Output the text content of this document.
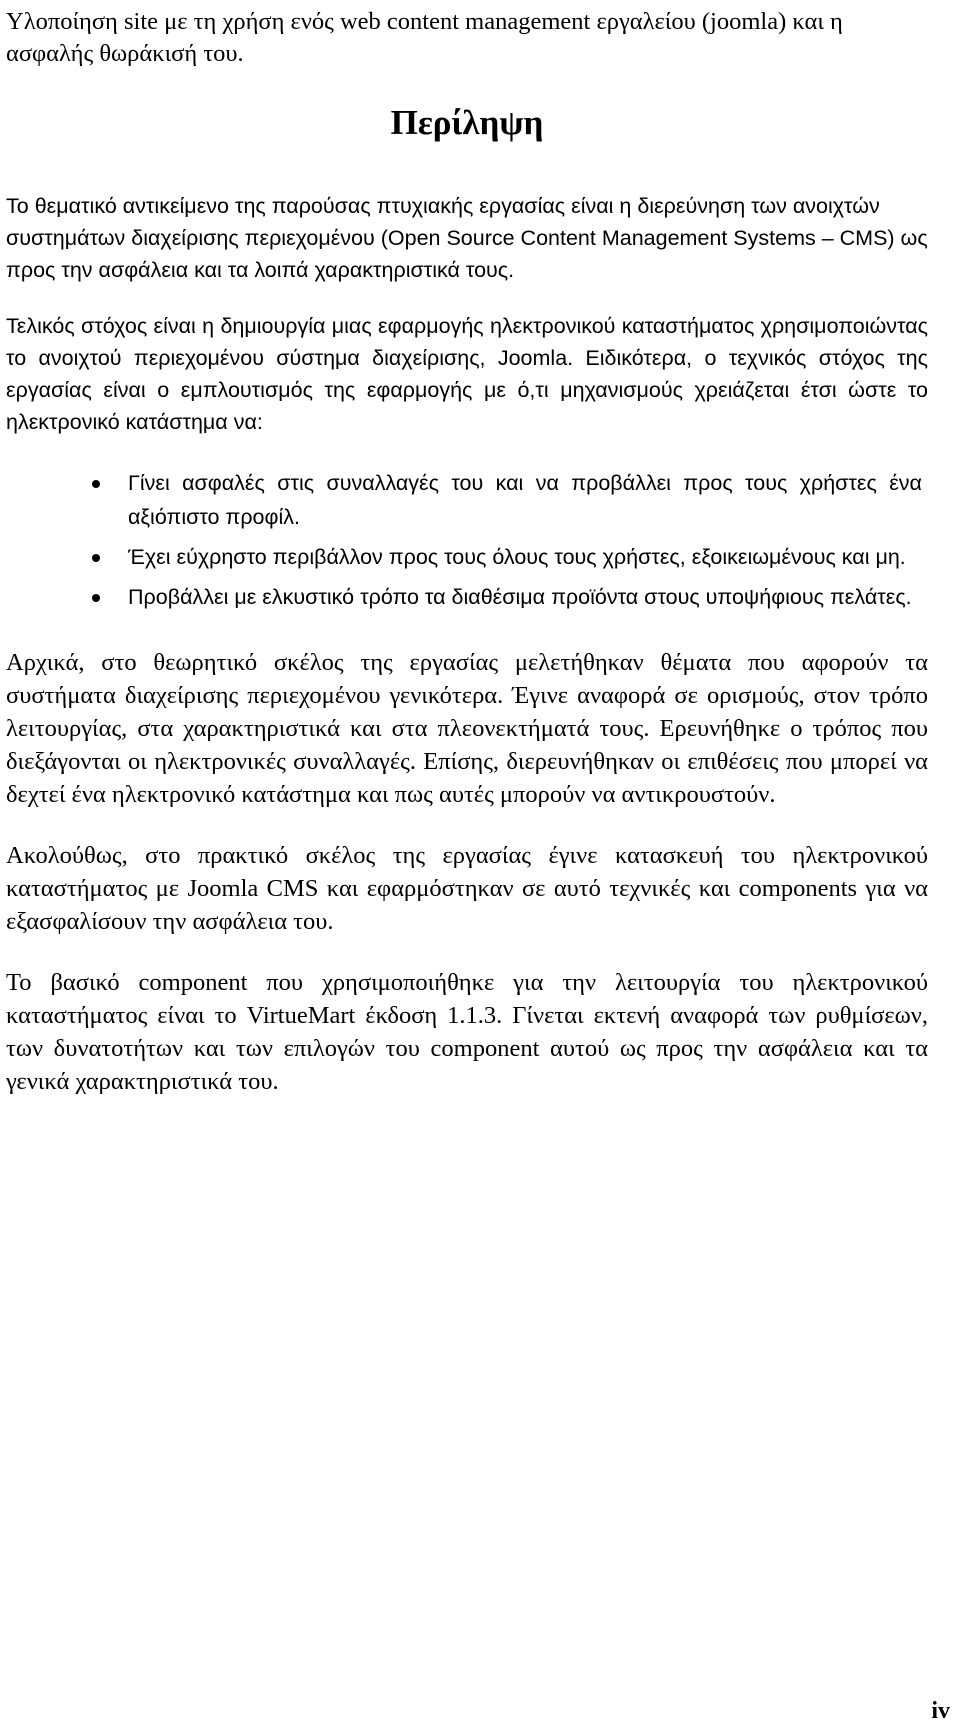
Υλοποίηση site με τη χρήση ενός web content management εργαλείου (joomla) και η ασφαλής θωράκισή του.

Περίληψη

Το θεματικό αντικείμενο της παρούσας πτυχιακής εργασίας είναι η διερεύνηση των ανοιχτών συστημάτων διαχείρισης περιεχομένου (Open Source Content Management Systems – CMS) ως προς την ασφάλεια και τα λοιπά χαρακτηριστικά τους.

Τελικός στόχος είναι η δημιουργία μιας εφαρμογής ηλεκτρονικού καταστήματος χρησιμοποιώντας το ανοιχτού περιεχομένου σύστημα διαχείρισης, Joomla. Ειδικότερα, ο τεχνικός στόχος της εργασίας είναι ο εμπλουτισμός της εφαρμογής με ό,τι μηχανισμούς χρειάζεται έτσι ώστε το ηλεκτρονικό κατάστημα να:

Γίνει ασφαλές στις συναλλαγές του και να προβάλλει προς τους χρήστες ένα αξιόπιστο προφίλ.
Έχει εύχρηστο περιβάλλον προς τους όλους τους χρήστες, εξοικειωμένους και μη.
Προβάλλει με ελκυστικό τρόπο τα διαθέσιμα προϊόντα στους υποψήφιους πελάτες.

Αρχικά, στο θεωρητικό σκέλος της εργασίας μελετήθηκαν θέματα που αφορούν τα συστήματα διαχείρισης περιεχομένου γενικότερα. Έγινε αναφορά σε ορισμούς, στον τρόπο λειτουργίας, στα χαρακτηριστικά και στα πλεονεκτήματά τους. Ερευνήθηκε ο τρόπος που διεξάγονται οι ηλεκτρονικές συναλλαγές. Επίσης, διερευνήθηκαν οι επιθέσεις που μπορεί να δεχτεί ένα ηλεκτρονικό κατάστημα και πως αυτές μπορούν να αντικρουστούν.

Ακολούθως, στο πρακτικό σκέλος της εργασίας έγινε κατασκευή του ηλεκτρονικού καταστήματος με Joomla CMS και εφαρμόστηκαν σε αυτό τεχνικές και components για να εξασφαλίσουν την ασφάλεια του.

Το βασικό component που χρησιμοποιήθηκε για την λειτουργία του ηλεκτρονικού καταστήματος είναι το VirtueMart έκδοση 1.1.3. Γίνεται εκτενή αναφορά των ρυθμίσεων, των δυνατοτήτων και των επιλογών του component αυτού ως προς την ασφάλεια και τα γενικά χαρακτηριστικά του.

iv
